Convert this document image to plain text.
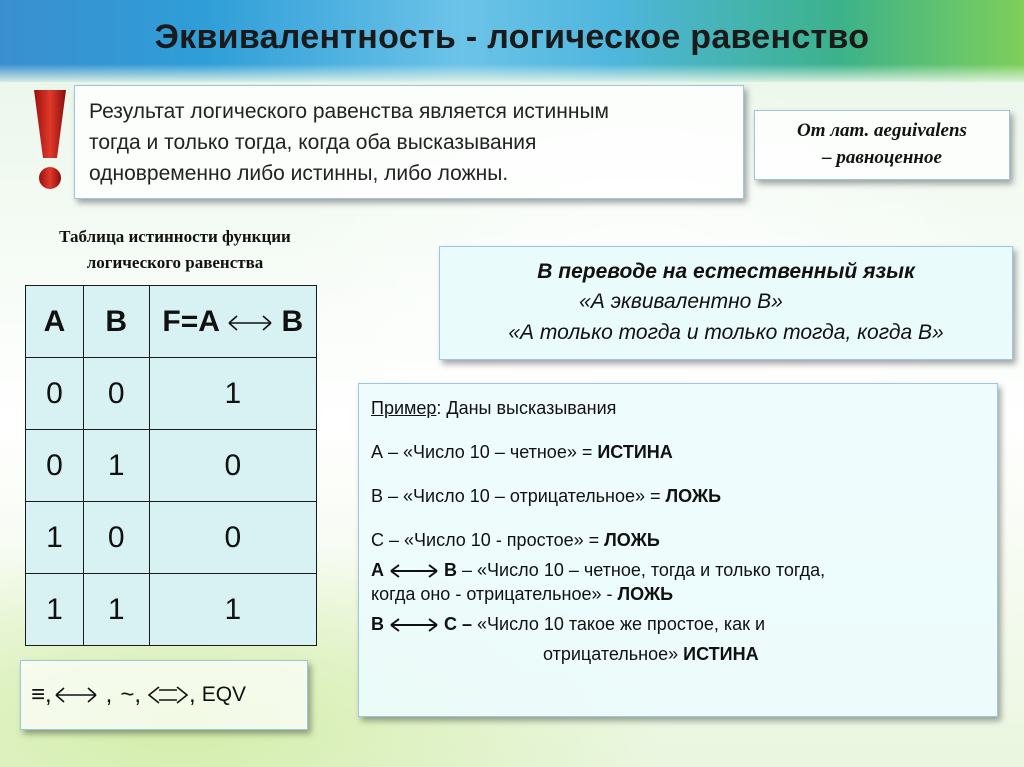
Эквивалентность - логическое равенство

Результат логического равенства является истинным

тогда и только тогда, когда оба высказывания

одновременно либо истинны, либо ложны.

От лат. aeguivalens

– равноценное

Таблица истинности функции
логического равенства
A	B	F=A B
0	0	1
0	1	0
1	0	0
1	1	1
≡, , ~, , EQV
В переводе на естественный язык
«А эквивалентно В»
«А только тогда и только тогда, когда В»
Пример: Даны высказывания
А – «Число 10 – четное» = ИСТИНА
В – «Число 10 – отрицательное» = ЛОЖЬ
С – «Число 10 - простое» = ЛОЖЬ
А	В – «Число 10 – четное, тогда и только тогда,
когда оно - отрицательное» - ЛОЖЬ
В	С – «Число 10 такое же простое, как и
отрицательное» ИСТИНА
